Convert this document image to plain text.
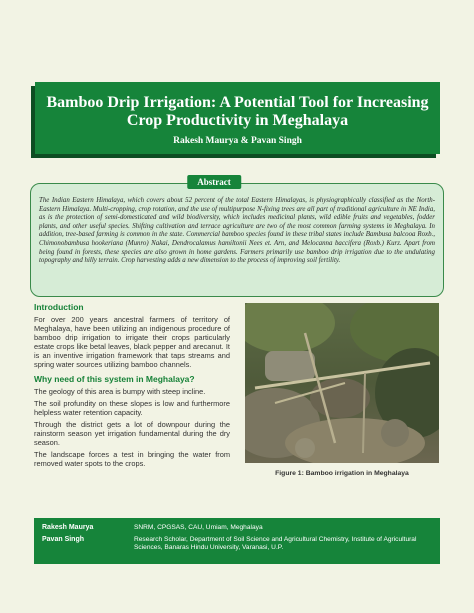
Bamboo Drip Irrigation: A Potential Tool for Increasing Crop Productivity in Meghalaya
Rakesh Maurya & Pavan Singh
Abstract

The Indian Eastern Himalaya, which covers about 52 percent of the total Eastern Himalayas, is physiographically classified as the North-Eastern Himalaya. Multi-cropping, crop rotation, and the use of multipurpose N-fixing trees are all part of traditional agriculture in NE India, as is the protection of semi-domesticated and wild biodiversity, which includes medicinal plants, wild edible fruits and vegetables, fodder plants, and other useful species. Shifting cultivation and terrace agriculture are two of the most common farming systems in Meghalaya. In addition, tree-based farming is common in the state. Commercial bamboo species found in these tribal states include Bambusa balcooa Roxb., Chimonobambusa hookeriana (Munro) Nakai, Dendrocalamus hamiltonii Nees et. Arn, and Melocanna baccifera (Roxb.) Kurz. Apart from being found in forests, these species are also grown in home gardens. Farmers primarily use bamboo drip irrigation due to the undulating topography and hilly terrain. Crop harvesting adds a new dimension to the process of improving soil fertility.

Introduction

For over 200 years ancestral farmers of territory of Meghalaya, have been utilizing an indigenous procedure of bamboo drip irrigation to irrigate their crops particularly estate crops like betal leaves, black pepper and arecanut. It is an inventive irrigation framework that taps streams and spring water sources utilizing bamboo channels.

Why need of this system in Meghalaya?

The geology of this area is bumpy with steep incline.

The soil profundity on these slopes is low and furthermore helpless water retention capacity.

Through the district gets a lot of downpour during the rainstorm season yet irrigation fundamental during the dry season.

The landscape forces a test in bringing the water from removed water spots to the crops.

Figure 1: Bamboo irrigation in Meghalaya
Rakesh Maurya	SNRM, CPGSAS, CAU, Umiam, Meghalaya
Pavan Singh	Research Scholar, Department of Soil Science and Agricultural Chemistry, Institute of Agricultural Sciences, Banaras Hindu University, Varanasi, U.P.
